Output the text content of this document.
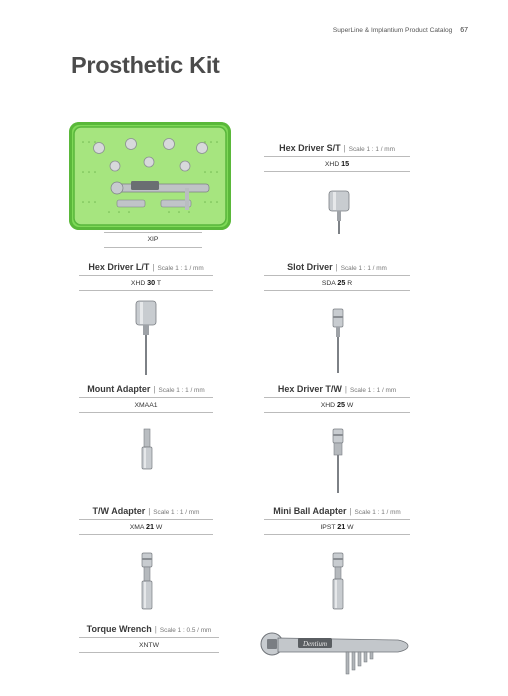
SuperLine & Implantium Product Catalog 67
Prosthetic Kit
XIP
Hex Driver S/T | Scale 1 : 1 / mm
XHD 15
Hex Driver L/T | Scale 1 : 1 / mm
XHD 30 T
Slot Driver | Scale 1 : 1 / mm
SDA 25 R
Mount Adapter | Scale 1 : 1 / mm
XMAA1
Hex Driver T/W | Scale 1 : 1 / mm
XHD 25 W
T/W Adapter | Scale 1 : 1 / mm
XMA 21 W
Mini Ball Adapter | Scale 1 : 1 / mm
IPST 21 W
Torque Wrench | Scale 1 : 0.5 / mm
XNTW	Dentium
